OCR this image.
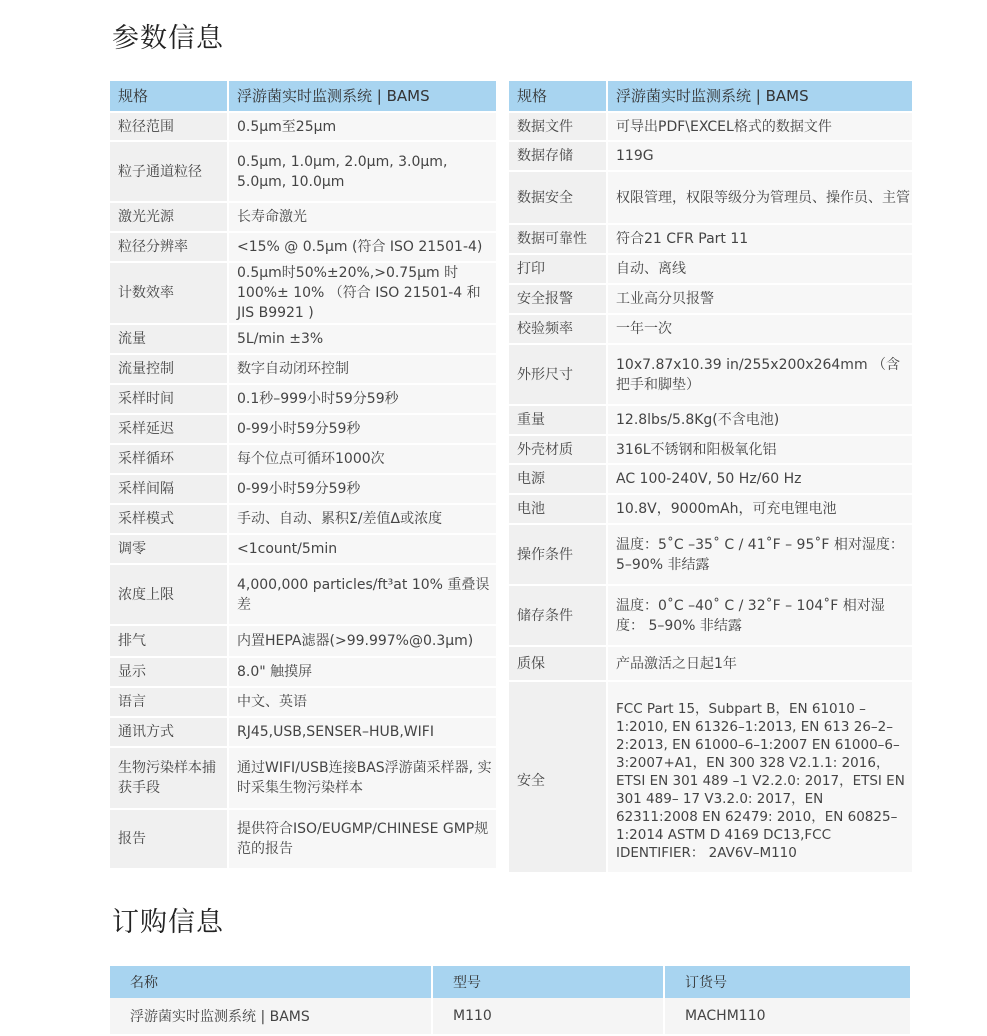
参数信息
规格	浮游菌实时监测系统 | BAMS
粒径范围	0.5μm至25μm
粒子通道粒径	0.5μm, 1.0μm, 2.0μm, 3.0μm, 5.0μm, 10.0μm
激光光源	长寿命激光
粒径分辨率	<15% @ 0.5μm (符合 ISO 21501-4)
计数效率	0.5μm时50%±20%,>0.75μm 时100%± 10% （符合 ISO 21501-4 和JIS B9921 )
流量	5L/min ±3%
流量控制	数字自动闭环控制
采样时间	0.1秒–999小时59分59秒
采样延迟	0-99小时59分59秒
采样循环	每个位点可循环1000次
采样间隔	0-99小时59分59秒
采样模式	手动、自动、累积Σ/差值Δ或浓度
调零	<1count/5min
浓度上限	4,000,000 particles/ft³at 10% 重叠误差
排气	内置HEPA滤器(>99.997%@0.3μm)
显示	8.0" 触摸屏
语言	中文、英语
通讯方式	RJ45,USB,SENSER–HUB,WIFI
生物污染样本捕获手段	通过WIFI/USB连接BAS浮游菌采样器, 实时采集生物污染样本
报告	提供符合ISO/EUGMP/CHINESE GMP规范的报告
规格	浮游菌实时监测系统 | BAMS
数据文件	可导出PDF\EXCEL格式的数据文件
数据存储	119G
数据安全	权限管理，权限等级分为管理员、操作员、主管
数据可靠性	符合21 CFR Part 11
打印	自动、离线
安全报警	工业高分贝报警
校验频率	一年一次
外形尺寸	10x7.87x10.39 in/255x200x264mm （含把手和脚垫）
重量	12.8lbs/5.8Kg(不含电池)
外壳材质	316L不锈钢和阳极氧化铝
电源	AC 100-240V, 50 Hz/60 Hz
电池	10.8V，9000mAh，可充电锂电池
操作条件	温度：5˚C –35˚ C / 41˚F – 95˚F 相对湿度：5–90% 非结露
储存条件	温度：0˚C –40˚ C / 32˚F – 104˚F 相对湿度： 5–90% 非结露
质保	产品激活之日起1年
安全	FCC Part 15，Subpart B，EN 61010 –1:2010, EN 61326–1:2013, EN 613 26–2–2:2013, EN 61000–6–1:2007 EN 61000–6–3:2007+A1，EN 300 328 V2.1.1: 2016，ETSI EN 301 489 –1 V2.2.0: 2017，ETSI EN 301 489– 17 V3.2.0: 2017，EN 62311:2008 EN 62479: 2010，EN 60825–1:2014 ASTM D 4169 DC13,FCC IDENTIFIER： 2AV6V–M110
订购信息
名称	型号	订货号
浮游菌实时监测系统 | BAMS	M110	MACHM110
